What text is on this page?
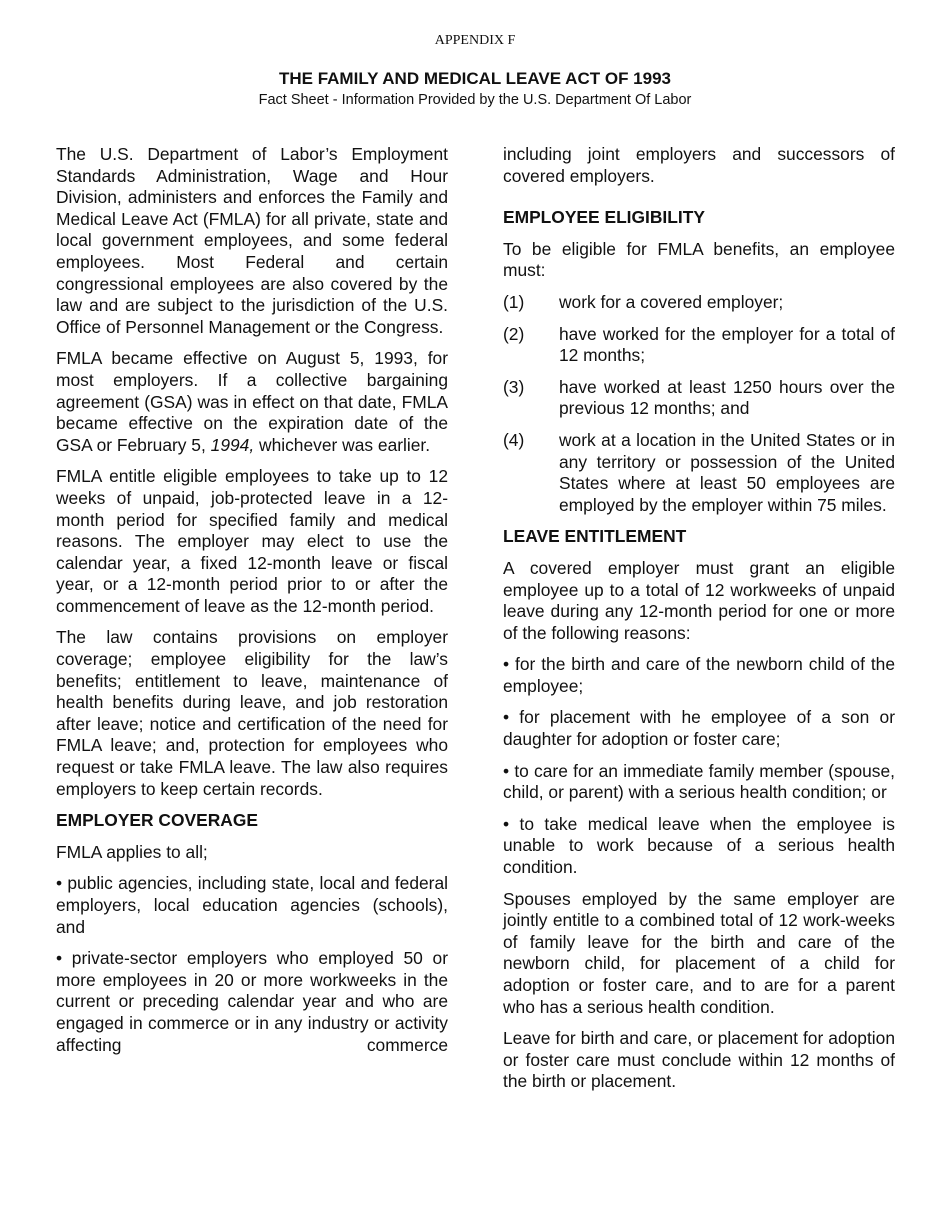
APPENDIX F
THE FAMILY AND MEDICAL LEAVE ACT OF 1993
Fact Sheet - Information Provided by the U.S. Department Of Labor

The U.S. Department of Labor’s Employment Standards Administration, Wage and Hour Division, administers and enforces the Family and Medical Leave Act (FMLA) for all private, state and local government employees, and some federal employees. Most Federal and certain congressional employees are also covered by the law and are subject to the jurisdiction of the U.S. Office of Personnel Management or the Congress.

FMLA became effective on August 5, 1993, for most employers. If a collective bargaining agreement (GSA) was in effect on that date, FMLA became effective on the expiration date of the GSA or February 5, 1994, whichever was earlier.

FMLA entitle eligible employees to take up to 12 weeks of unpaid, job-protected leave in a 12-month period for specified family and medical reasons. The employer may elect to use the calendar year, a fixed 12-month leave or fiscal year, or a 12-month period prior to or after the commencement of leave as the 12-month period.

The law contains provisions on employer coverage; employee eligibility for the law’s benefits; entitlement to leave, maintenance of health benefits during leave, and job restoration after leave; notice and certification of the need for FMLA leave; and, protection for employees who request or take FMLA leave. The law also requires employers to keep certain records.

EMPLOYER COVERAGE

FMLA applies to all;

• public agencies, including state, local and federal employers, local education agencies (schools), and

• private-sector employers who employed 50 or more employees in 20 or more workweeks in the current or preceding calendar year and who are engaged in commerce or in any industry or activity affecting commerce

including joint employers and successors of covered employers.

EMPLOYEE ELIGIBILITY

To be eligible for FMLA benefits, an employee must:

(1)	work for a covered employer;
(2)	have worked for the employer for a total of 12 months;
(3)	have worked at least 1250 hours over the previous 12 months; and
(4)	work at a location in the United States or in any territory or possession of the United States where at least 50 employees are employed by the employer within 75 miles.
LEAVE ENTITLEMENT

A covered employer must grant an eligible employee up to a total of 12 workweeks of unpaid leave during any 12-month period for one or more of the following reasons:

• for the birth and care of the newborn child of the employee;

• for placement with he employee of a son or daughter for adoption or foster care;

• to care for an immediate family member (spouse, child, or parent) with a serious health condition; or

• to take medical leave when the employee is unable to work because of a serious health condition.

Spouses employed by the same employer are jointly entitle to a combined total of 12 work-weeks of family leave for the birth and care of the newborn child, for placement of a child for adoption or foster care, and to are for a parent who has a serious health condition.

Leave for birth and care, or placement for adoption or foster care must conclude within 12 months of the birth or placement.
